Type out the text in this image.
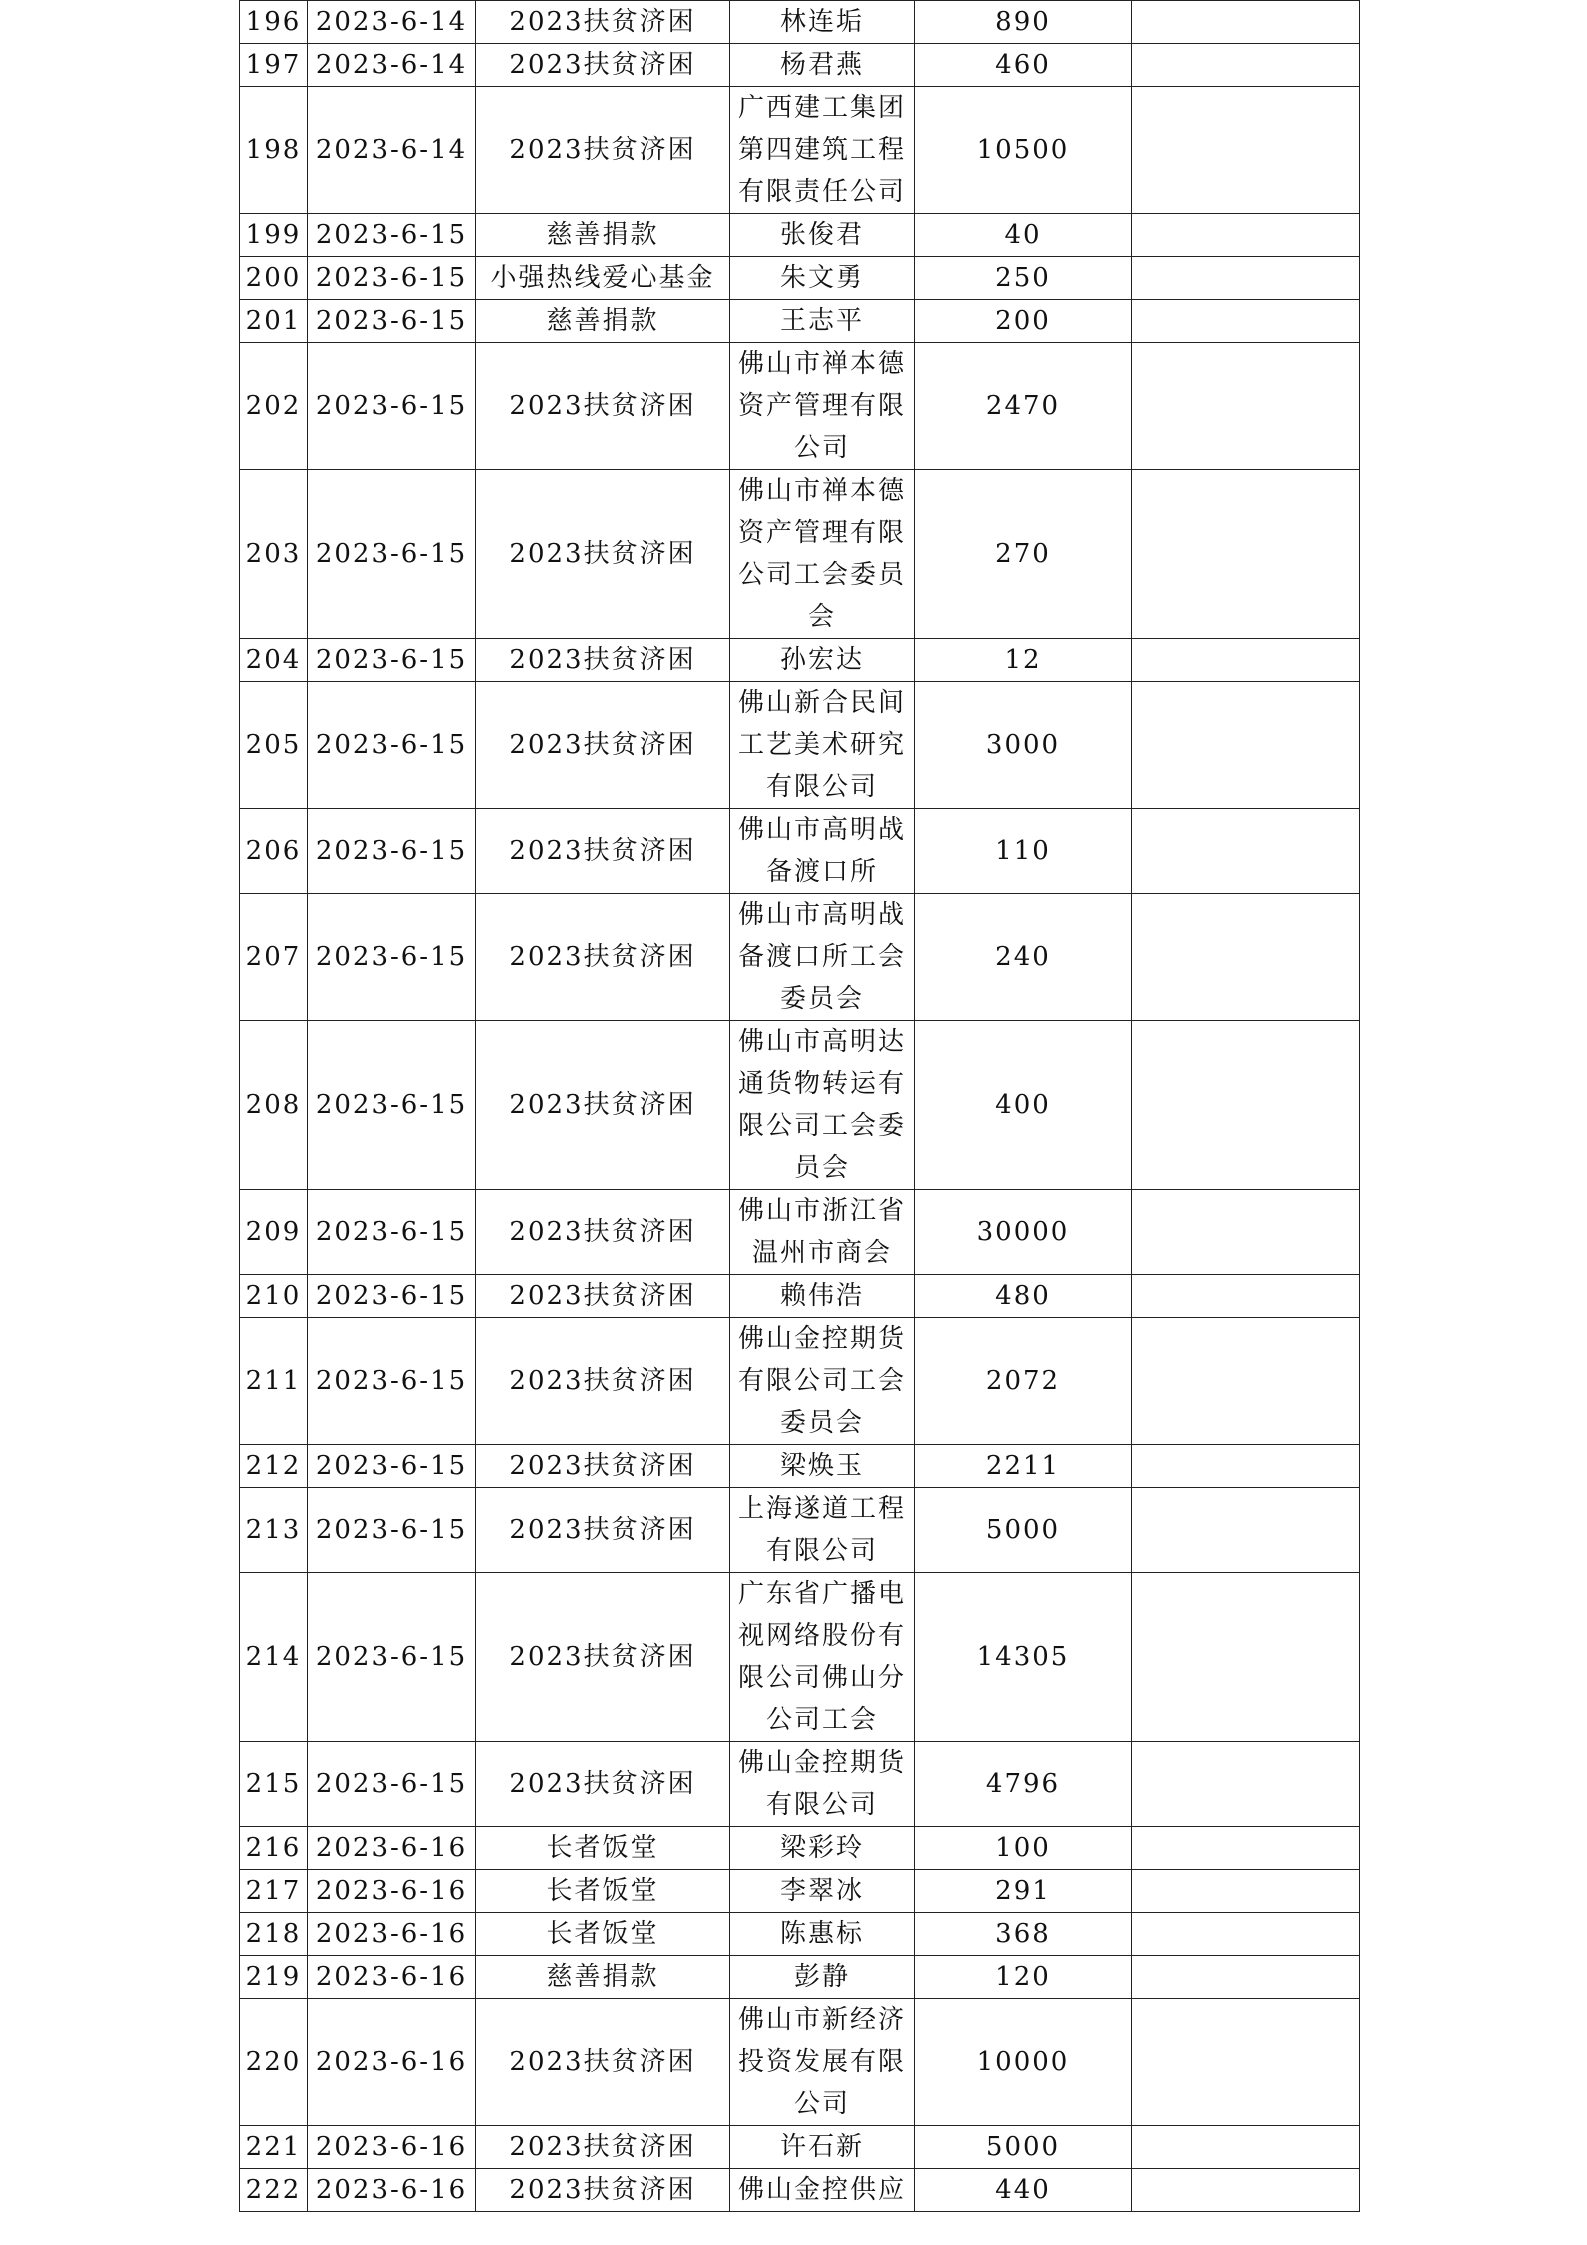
196	2023-6-14	2023扶贫济困	林连垢	890	
197	2023-6-14	2023扶贫济困	杨君燕	460	
198	2023-6-14	2023扶贫济困	广西建工集团第四建筑工程有限责任公司	10500	
199	2023-6-15	慈善捐款	张俊君	40	
200	2023-6-15	小强热线爱心基金	朱文勇	250	
201	2023-6-15	慈善捐款	王志平	200	
202	2023-6-15	2023扶贫济困	佛山市禅本德资产管理有限公司	2470	
203	2023-6-15	2023扶贫济困	佛山市禅本德资产管理有限公司工会委员会	270	
204	2023-6-15	2023扶贫济困	孙宏达	12	
205	2023-6-15	2023扶贫济困	佛山新合民间工艺美术研究有限公司	3000	
206	2023-6-15	2023扶贫济困	佛山市高明战备渡口所	110	
207	2023-6-15	2023扶贫济困	佛山市高明战备渡口所工会委员会	240	
208	2023-6-15	2023扶贫济困	佛山市高明达通货物转运有限公司工会委员会	400	
209	2023-6-15	2023扶贫济困	佛山市浙江省温州市商会	30000	
210	2023-6-15	2023扶贫济困	赖伟浩	480	
211	2023-6-15	2023扶贫济困	佛山金控期货有限公司工会委员会	2072	
212	2023-6-15	2023扶贫济困	梁焕玉	2211	
213	2023-6-15	2023扶贫济困	上海遂道工程有限公司	5000	
214	2023-6-15	2023扶贫济困	广东省广播电视网络股份有限公司佛山分公司工会	14305	
215	2023-6-15	2023扶贫济困	佛山金控期货有限公司	4796	
216	2023-6-16	长者饭堂	梁彩玲	100	
217	2023-6-16	长者饭堂	李翠冰	291	
218	2023-6-16	长者饭堂	陈惠标	368	
219	2023-6-16	慈善捐款	彭静	120	
220	2023-6-16	2023扶贫济困	佛山市新经济投资发展有限公司	10000	
221	2023-6-16	2023扶贫济困	许石新	5000	
222	2023-6-16	2023扶贫济困	佛山金控供应	440	
